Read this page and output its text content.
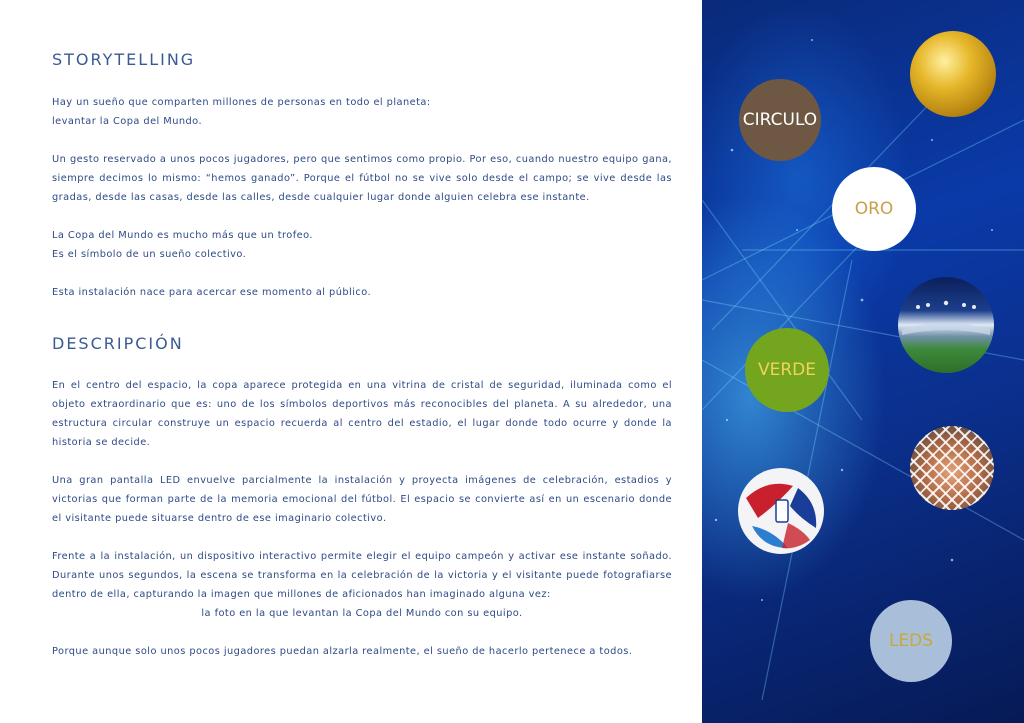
STORYTELLING

Hay un sueño que comparten millones de personas en todo el planeta:
levantar la Copa del Mundo.

Un gesto reservado a unos pocos jugadores, pero que sentimos como propio. Por eso, cuando nuestro equipo gana, siempre decimos lo mismo: “hemos ganado”. Porque el fútbol no se vive solo desde el campo; se vive desde las gradas, desde las casas, desde las calles, desde cualquier lugar donde alguien celebra ese instante.

La Copa del Mundo es mucho más que un trofeo.
Es el símbolo de un sueño colectivo.

Esta instalación nace para acercar ese momento al público.

DESCRIPCIÓN

En el centro del espacio, la copa aparece protegida en una vitrina de cristal de seguridad, iluminada como el objeto extraordinario que es: uno de los símbolos deportivos más reconocibles del planeta. A su alrededor, una estructura circular construye un espacio recuerda al centro del estadio, el lugar donde todo ocurre y donde la historia se decide.

Una gran pantalla LED envuelve parcialmente la instalación y proyecta imágenes de celebración, estadios y victorias que forman parte de la memoria emocional del fútbol. El espacio se convierte así en un escenario donde el visitante puede situarse dentro de ese imaginario colectivo.

Frente a la instalación, un dispositivo interactivo permite elegir el equipo campeón y activar ese instante soñado. Durante unos segundos, la escena se transforma en la celebración de la victoria y el visitante puede fotografiarse dentro de ella, capturando la imagen que millones de aficionados han imaginado alguna vez:
la foto en la que levantan la Copa del Mundo con su equipo.

Porque aunque solo unos pocos jugadores puedan alzarla realmente, el sueño de hacerlo pertenece a todos.

CIRCULO
ORO
VERDE
LEDS
